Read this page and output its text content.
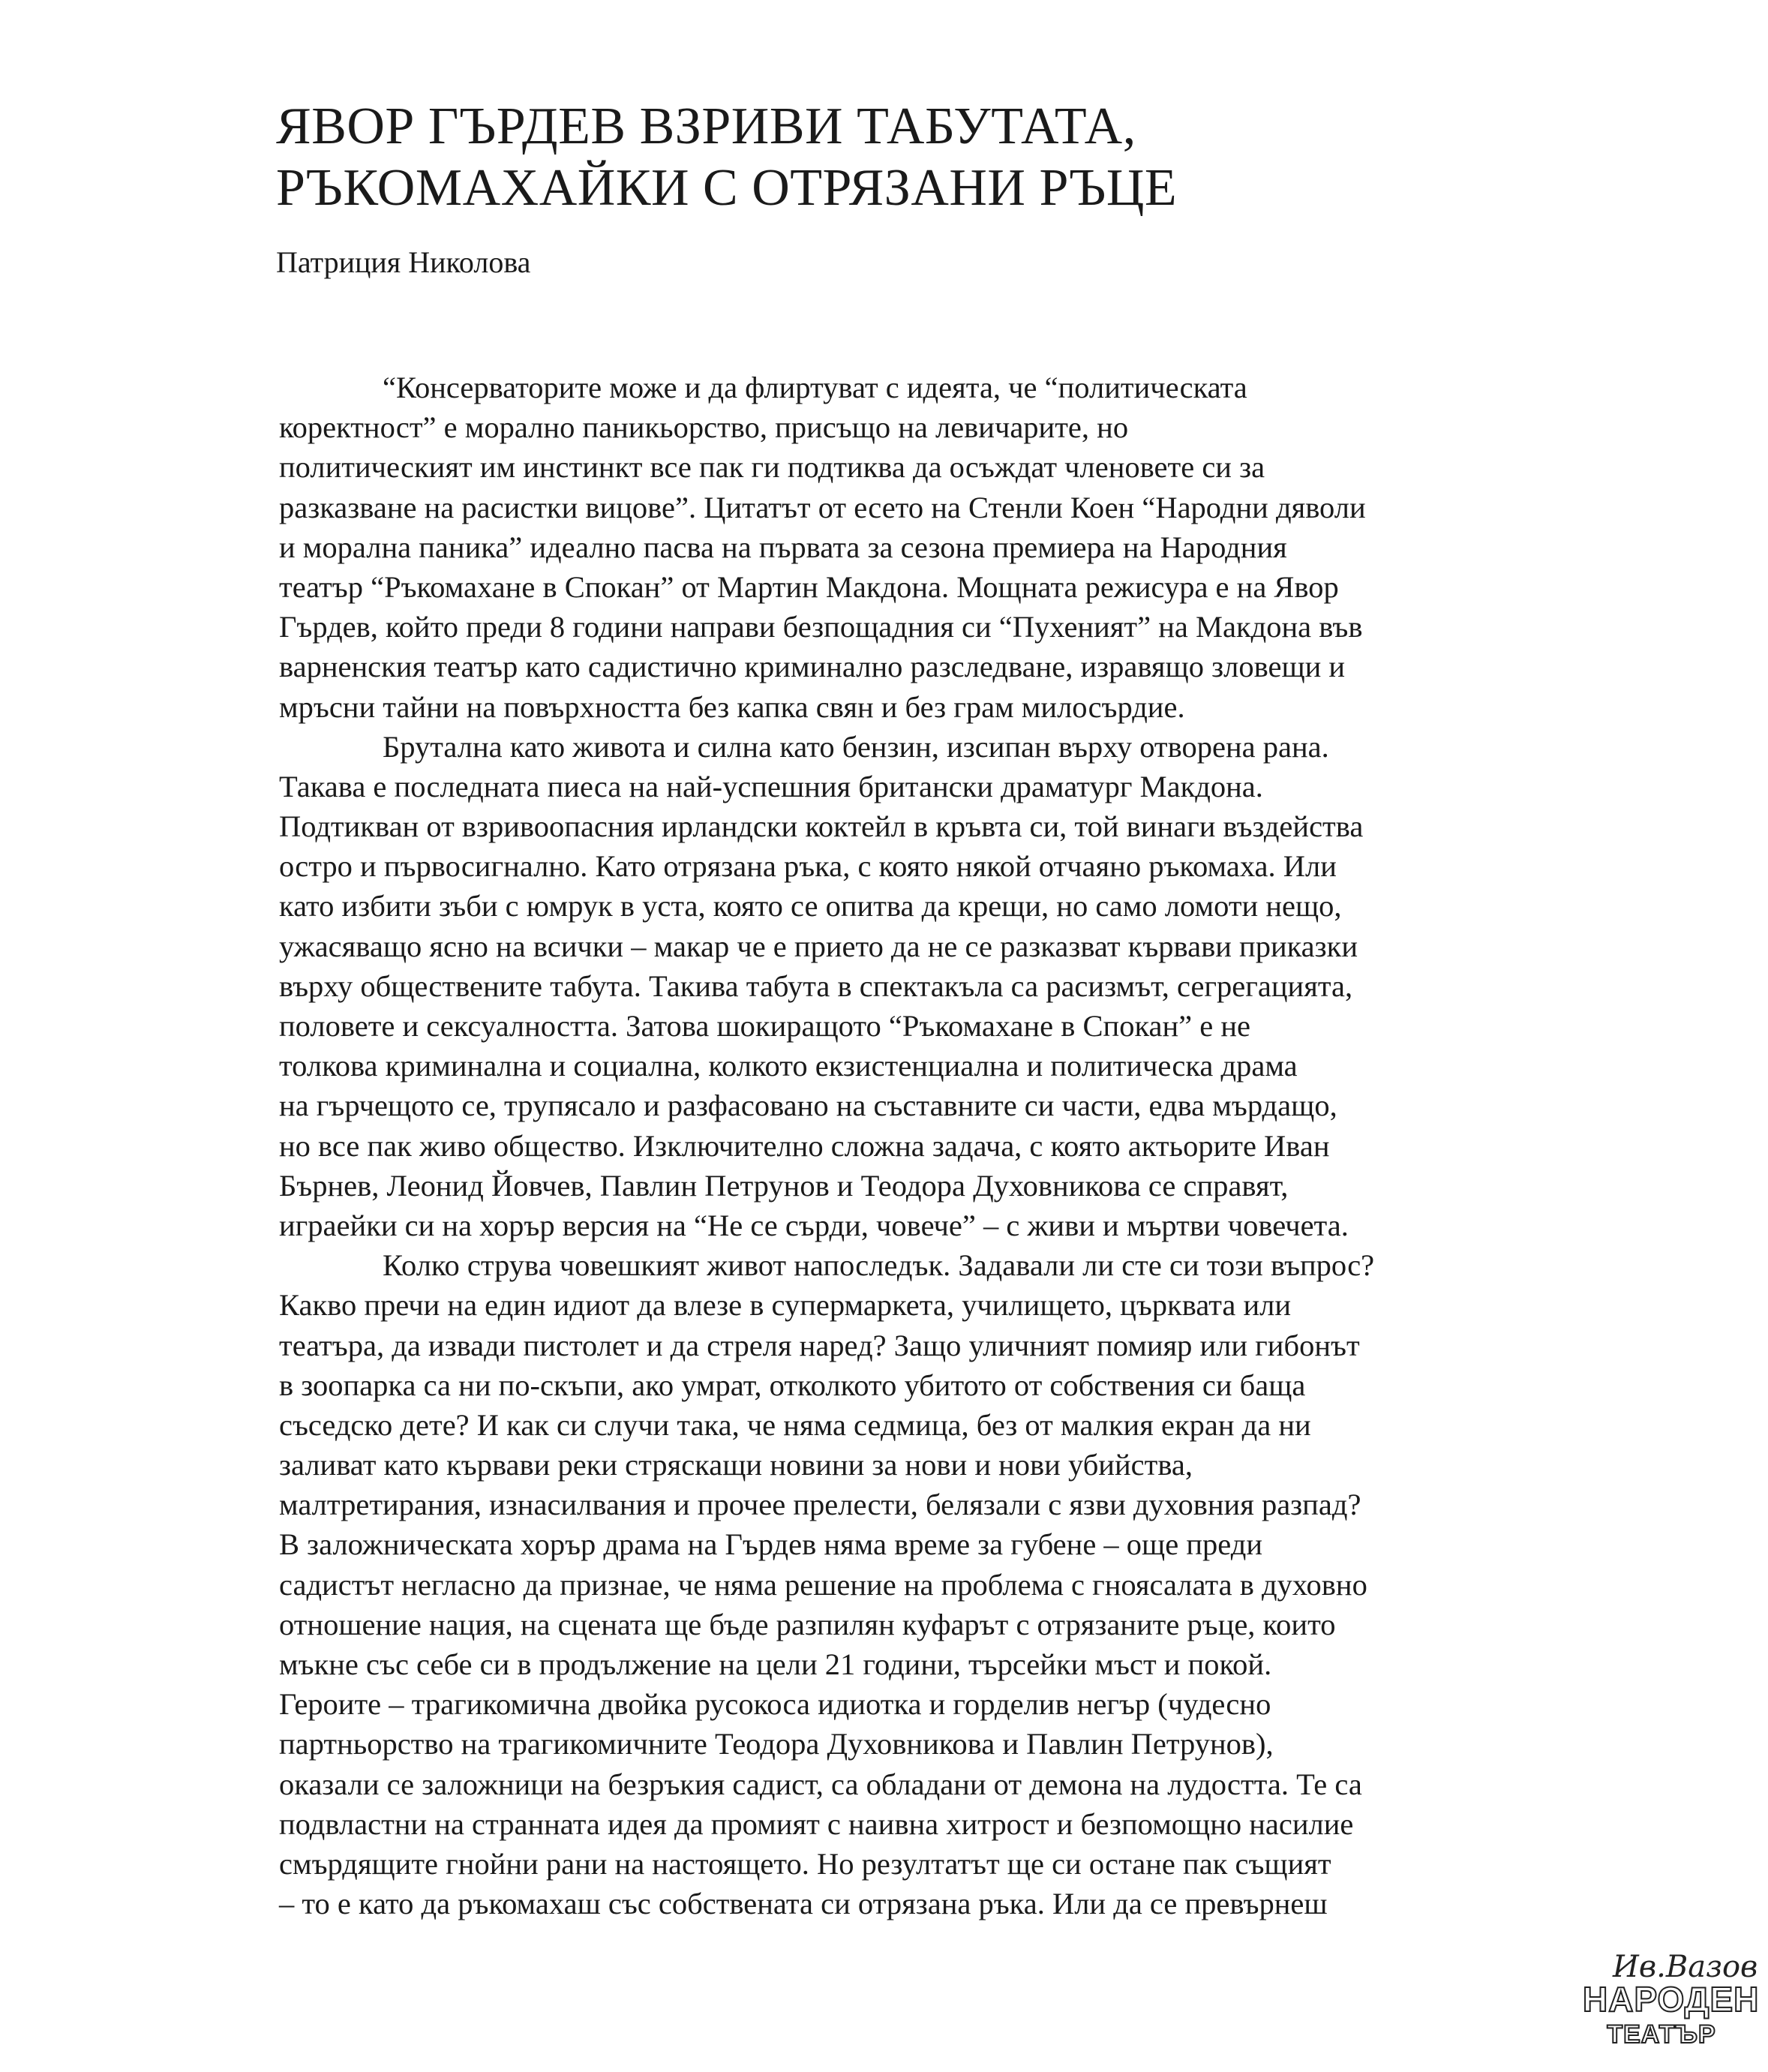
ЯВОР ГЪРДЕВ ВЗРИВИ ТАБУТАТА,
РЪКОМАХАЙКИ С ОТРЯЗАНИ РЪЦЕ
Патриция Николова
“Консерваторите може и да флиртуват с идеята, че “политическата
коректност” е морално паникьорство, присъщо на левичарите, но
политическият им инстинкт все пак ги подтиква да осъждат членовете си за
разказване на расистки вицове”. Цитатът от есето на Стенли Коен “Народни дяволи
и морална паника” идеално пасва на първата за сезона премиера на Народния
театър “Ръкомахане в Спокан” от Мартин Макдона. Мощната режисура е на Явор
Гърдев, който преди 8 години направи безпощадния си “Пухеният” на Макдона във
варненския театър като садистично криминално разследване, изравящо зловещи и
мръсни тайни на повърхността без капка свян и без грам милосърдие.
Брутална като живота и силна като бензин, изсипан върху отворена рана.
Такава е последната пиеса на най-успешния британски драматург Макдона.
Подтикван от взривоопасния ирландски коктейл в кръвта си, той винаги въздейства
остро и първосигнално. Като отрязана ръка, с която някой отчаяно ръкомаха. Или
като избити зъби с юмрук в уста, която се опитва да крещи, но само ломоти нещо,
ужасяващо ясно на всички – макар че е прието да не се разказват кървави приказки
върху обществените табута. Такива табута в спектакъла са расизмът, сегрегацията,
половете и сексуалността. Затова шокиращото “Ръкомахане в Спокан” е не
толкова криминална и социална, колкото екзистенциална и политическа драма
на гърчещото се, трупясало и разфасовано на съставните си части, едва мърдащо,
но все пак живо общество. Изключително сложна задача, с която актьорите Иван
Бърнев, Леонид Йовчев, Павлин Петрунов и Теодора Духовникова се справят,
играейки си на хорър версия на “Не се сърди, човече” – с живи и мъртви човечета.
Колко струва човешкият живот напоследък. Задавали ли сте си този въпрос?
Какво пречи на един идиот да влезе в супермаркета, училището, църквата или
театъра, да извади пистолет и да стреля наред? Защо уличният помияр или гибонът
в зоопарка са ни по-скъпи, ако умрат, отколкото убитото от собствения си баща
съседско дете? И как си случи така, че няма седмица, без от малкия екран да ни
заливат като кървави реки стряскащи новини за нови и нови убийства,
малтретирания, изнасилвания и прочее прелести, белязали с язви духовния разпад?
В заложническата хорър драма на Гърдев няма време за губене – още преди
садистът негласно да признае, че няма решение на проблема с гноясалата в духовно
отношение нация, на сцената ще бъде разпилян куфарът с отрязаните ръце, които
мъкне със себе си в продължение на цели 21 години, търсейки мъст и покой.
Героите – трагикомична двойка русокоса идиотка и горделив негър (чудесно
партньорство на трагикомичните Теодора Духовникова и Павлин Петрунов),
оказали се заложници на безръкия садист, са обладани от демона на лудостта. Те са
подвластни на странната идея да промият с наивна хитрост и безпомощно насилие
смърдящите гнойни рани на настоящето. Но резултатът ще си остане пак същият
– то е като да ръкомахаш със собствената си отрязана ръка. Или да се превърнеш
Ив.Вазов
НАРОДЕН
ТЕАТЪР
